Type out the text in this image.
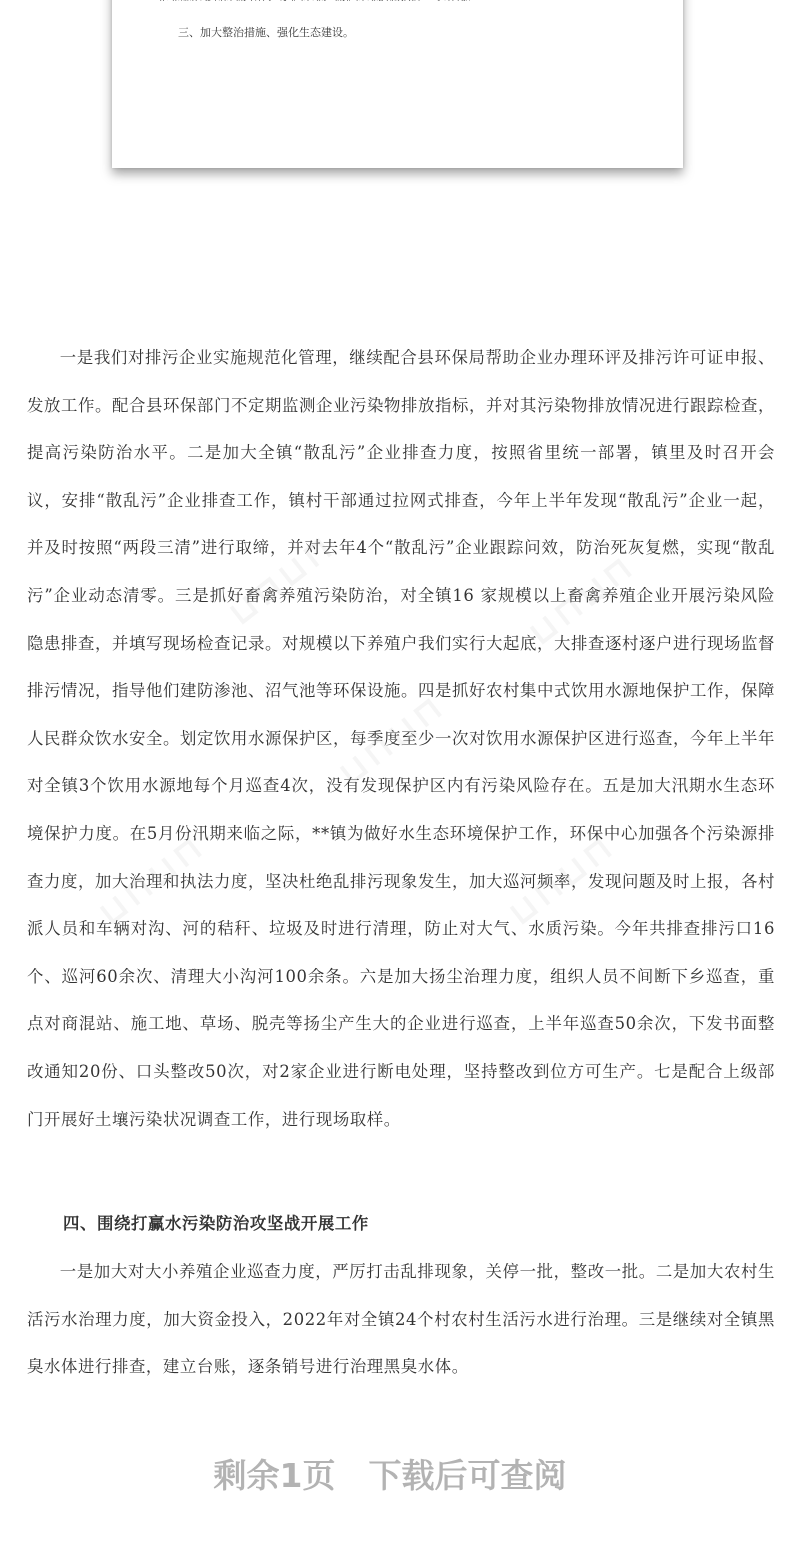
三、加大整治措施、强化生态建设。

一是我们对排污企业实施规范化管理，继续配合县环保局帮助企业办理环评及排污许可证申报、发放工作。配合县环保部门不定期监测企业污染物排放指标，并对其污染物排放情况进行跟踪检查，提高污染防治水平。二是加大全镇“散乱污”企业排查力度，按照省里统一部署，镇里及时召开会议，安排“散乱污”企业排查工作，镇村干部通过拉网式排查，今年上半年发现“散乱污”企业一起，并及时按照“两段三清”进行取缔，并对去年4个“散乱污”企业跟踪问效，防治死灰复燃，实现“散乱污”企业动态清零。三是抓好畜禽养殖污染防治，对全镇16 家规模以上畜禽养殖企业开展污染风险隐患排查，并填写现场检查记录。对规模以下养殖户我们实行大起底，大排查逐村逐户进行现场监督排污情况，指导他们建防渗池、沼气池等环保设施。四是抓好农村集中式饮用水源地保护工作，保障人民群众饮水安全。划定饮用水源保护区，每季度至少一次对饮用水源保护区进行巡查，今年上半年对全镇3个饮用水源地每个月巡查4次，没有发现保护区内有污染风险存在。五是加大汛期水生态环境保护力度。在5月份汛期来临之际，**镇为做好水生态环境保护工作，环保中心加强各个污染源排查力度，加大治理和执法力度，坚决杜绝乱排污现象发生，加大巡河频率，发现问题及时上报，各村派人员和车辆对沟、河的秸秆、垃圾及时进行清理，防止对大气、水质污染。今年共排查排污口16个、巡河60余次、清理大小沟河100余条。六是加大扬尘治理力度，组织人员不间断下乡巡查，重点对商混站、施工地、草场、脱壳等扬尘产生大的企业进行巡查，上半年巡查50余次，下发书面整改通知20份、口头整改50次，对2家企业进行断电处理，坚持整改到位方可生产。七是配合上级部门开展好土壤污染状况调查工作，进行现场取样。

四、围绕打赢水污染防治攻坚战开展工作

一是加大对大小养殖企业巡查力度，严厉打击乱排现象，关停一批，整改一批。二是加大农村生活污水治理力度，加大资金投入，2022年对全镇24个村农村生活污水进行治理。三是继续对全镇黑臭水体进行排查，建立台账，逐条销号进行治理黑臭水体。

⊔⊓⊔⊓	⊔⊓⊔⊓
⊔⊓⊔⊓
⊔⊓⊔⊓	⊔⊓⊔⊓
剩余1页　下载后可查阅
